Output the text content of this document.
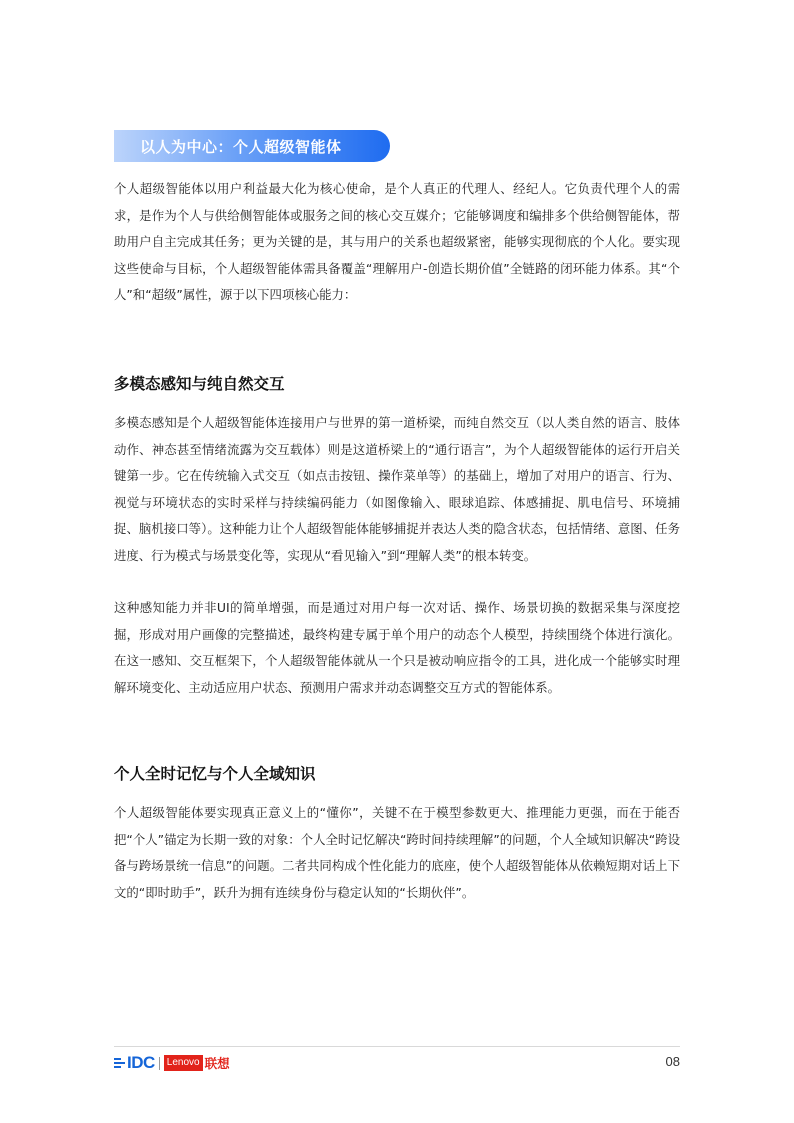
以人为中心：个人超级智能体

个人超级智能体以用户利益最大化为核心使命，是个人真正的代理人、经纪人。它负责代理个人的需求，是作为个人与供给侧智能体或服务之间的核心交互媒介；它能够调度和编排多个供给侧智能体，帮助用户自主完成其任务；更为关键的是，其与用户的关系也超级紧密，能够实现彻底的个人化。要实现这些使命与目标，个人超级智能体需具备覆盖“理解用户-创造长期价值”全链路的闭环能力体系。其“个人”和“超级”属性，源于以下四项核心能力：

多模态感知与纯自然交互

多模态感知是个人超级智能体连接用户与世界的第一道桥梁，而纯自然交互（以人类自然的语言、肢体动作、神态甚至情绪流露为交互载体）则是这道桥梁上的“通行语言”，为个人超级智能体的运行开启关键第一步。它在传统输入式交互（如点击按钮、操作菜单等）的基础上，增加了对用户的语言、行为、视觉与环境状态的实时采样与持续编码能力（如图像输入、眼球追踪、体感捕捉、肌电信号、环境捕捉、脑机接口等）。这种能力让个人超级智能体能够捕捉并表达人类的隐含状态，包括情绪、意图、任务进度、行为模式与场景变化等，实现从“看见输入”到“理解人类”的根本转变。

这种感知能力并非UI的简单增强，而是通过对用户每一次对话、操作、场景切换的数据采集与深度挖掘，形成对用户画像的完整描述，最终构建专属于单个用户的动态个人模型，持续围绕个体进行演化。在这一感知、交互框架下，个人超级智能体就从一个只是被动响应指令的工具，进化成一个能够实时理解环境变化、主动适应用户状态、预测用户需求并动态调整交互方式的智能体系。

个人全时记忆与个人全域知识

个人超级智能体要实现真正意义上的“懂你”，关键不在于模型参数更大、推理能力更强，而在于能否把“个人”锚定为长期一致的对象：个人全时记忆解决“跨时间持续理解”的问题，个人全域知识解决“跨设备与跨场景统一信息”的问题。二者共同构成个性化能力的底座，使个人超级智能体从依赖短期对话上下文的“即时助手”，跃升为拥有连续身份与稳定认知的“长期伙伴”。

IDC	Lenovo 联想	08
